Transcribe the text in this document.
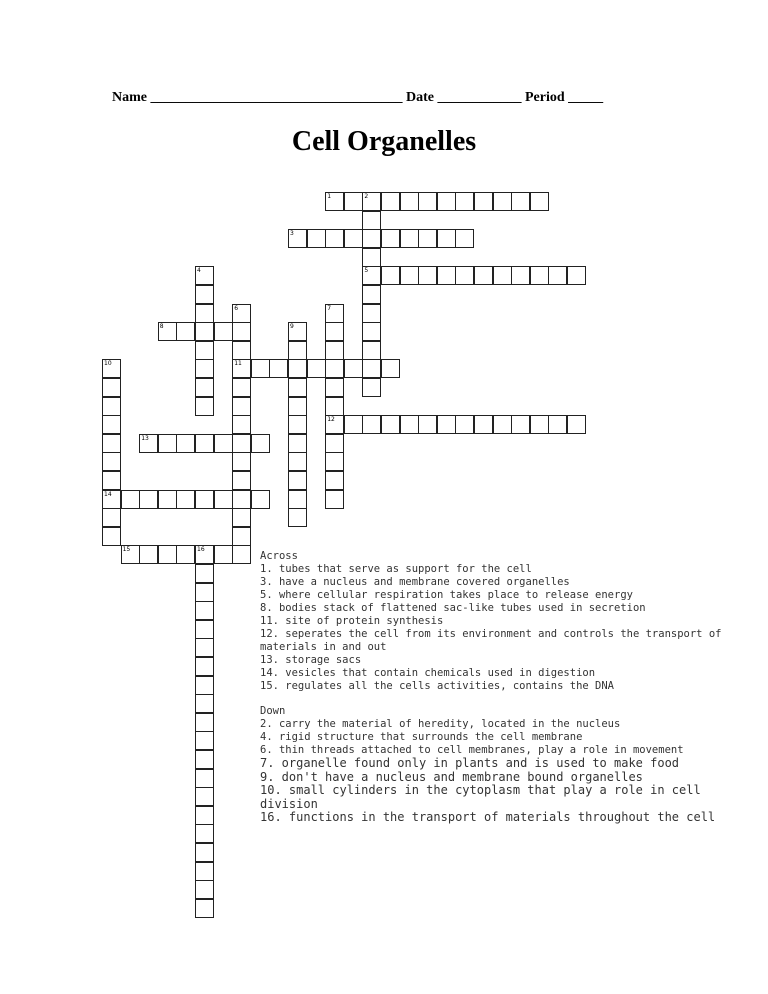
Name ____________________________________ Date ____________ Period _____
Cell Organelles
1	2
3
5
8
11
12
13
14
15	16
4
6	7
9
10
Across
1. tubes that serve as support for the cell
3. have a nucleus and membrane covered organelles
5. where cellular respiration takes place to release energy
8. bodies stack of flattened sac-like tubes used in secretion
11. site of protein synthesis
12. seperates the cell from its environment and controls the transport of materials in and out
13. storage sacs
14. vesicles that contain chemicals used in digestion
15. regulates all the cells activities, contains the DNA
Down
2. carry the material of heredity, located in the nucleus
4. rigid structure that surrounds the cell membrane
6. thin threads attached to cell membranes, play a role in movement
7. organelle found only in plants and is used to make food
9. don't have a nucleus and membrane bound organelles
10. small cylinders in the cytoplasm that play a role in cell division
16. functions in the transport of materials throughout the cell
